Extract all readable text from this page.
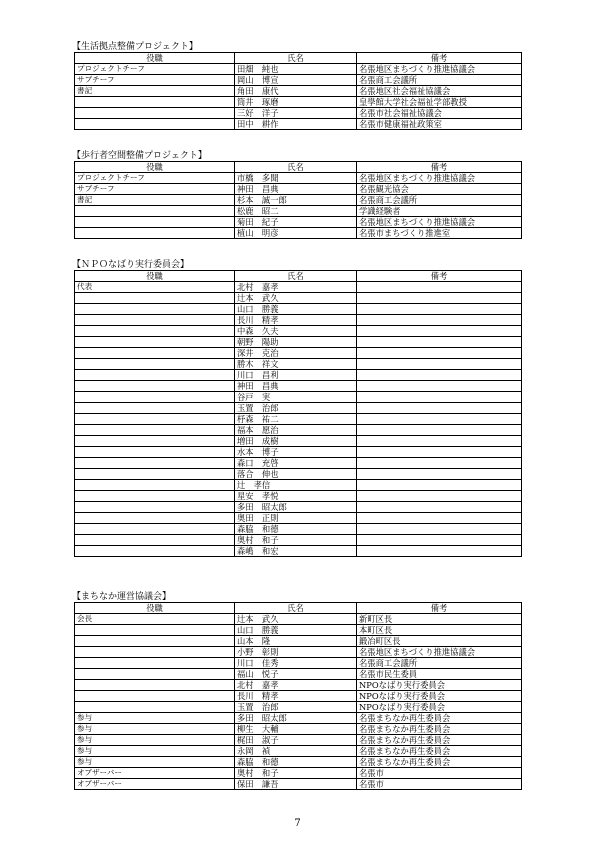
【生活拠点整備プロジェクト】
役職	氏名	備考
プロジェクトチーフ	田畑　純也	名張地区まちづくり推進協議会
サブチーフ	岡山　博宣	名張商工会議所
書記	角田　康代	名張地区社会福祉協議会
	筒井　琢磨	皇學館大学社会福祉学部教授
	三好　洋子	名張市社会福祉協議会
	田中　耕作	名張市健康福祉政策室
【歩行者空間整備プロジェクト】
役職	氏名	備考
プロジェクトチーフ	市橋　多聞	名張地区まちづくり推進協議会
サブチーフ	神田　昌典	名張観光協会
書記	杉本　誠一郎	名張商工会議所
	松鹿　昭二	学識経験者
	菊田　紀子	名張地区まちづくり推進協議会
	植山　明彦	名張市まちづくり推進室
【ＮＰＯなばり実行委員会】
役職	氏名	備考
代表	北村　嘉孝	
	辻本　武久	
	山口　勝義	
	長川　精孝	
	中森　久夫	
	朝野　陽助	
	深井　克治	
	勝木　祥文	
	川口　昌利	
	神田　昌典	
	谷戸　実	
	玉置　治郎	
	杼森　祐二	
	福本　愿治	
	増田　成樹	
	水本　博子	
	森口　充啓	
	落合　伸也	
	辻　孝信	
	星安　孝悦	
	多田　昭太郎	
	奥田　正則	
	森脇　和德	
	奥村　和子	
	森嶋　和宏	
【まちなか運営協議会】
役職	氏名	備考
会長	辻本　武久	新町区長
	山口　勝義	本町区長
	山本　隆	鍛冶町区長
	小野　彰則	名張地区まちづくり推進協議会
	川口　佳秀	名張商工会議所
	福山　悦子	名張市民生委員
	北村　嘉孝	NPOなばり実行委員会
	長川　精孝	NPOなばり実行委員会
	玉置　治郎	NPOなばり実行委員会
参与	多田　昭太郎	名張まちなか再生委員会
参与	柳生　大輔	名張まちなか再生委員会
参与	梶田　淑子	名張まちなか再生委員会
参与	永岡　禎	名張まちなか再生委員会
参与	森脇　和德	名張まちなか再生委員会
オブザーバー	奥村　和子	名張市
オブザーバー	保田　謙吾	名張市
7
